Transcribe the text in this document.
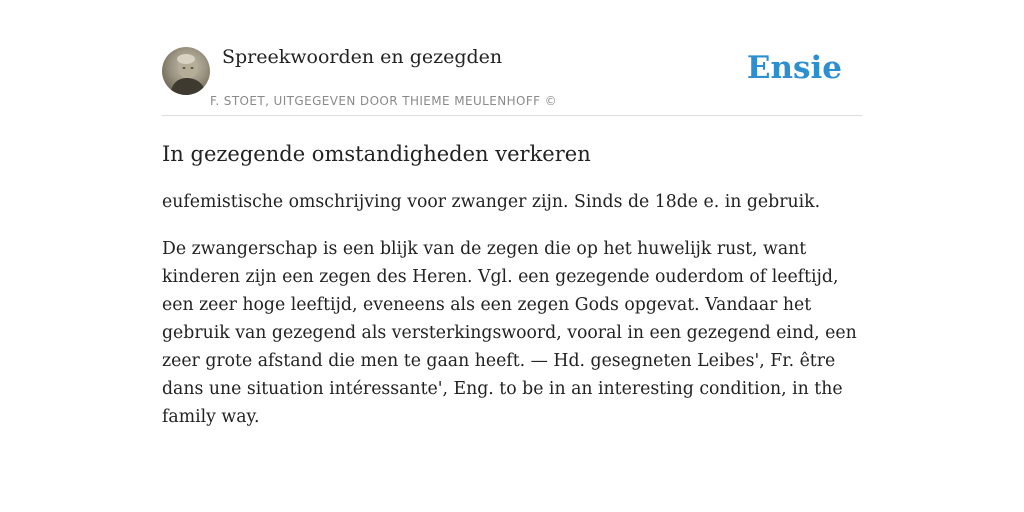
Spreekwoorden en gezegden
F. STOET, UITGEGEVEN DOOR THIEME MEULENHOFF ©
Ensie
In gezegende omstandigheden verkeren

eufemistische omschrijving voor zwanger zijn. Sinds de 18de e. in gebruik.

De zwangerschap is een blijk van de zegen die op het huwelijk rust, want kinderen zijn een zegen des Heren. Vgl. een gezegende ouderdom of leeftijd, een zeer hoge leeftijd, eveneens als een zegen Gods opgevat. Vandaar het gebruik van gezegend als versterkingswoord, vooral in een gezegend eind, een zeer grote afstand die men te gaan heeft. — Hd. gesegneten Leibes', Fr. être dans une situation intéressante', Eng. to be in an interesting condition, in the family way.
